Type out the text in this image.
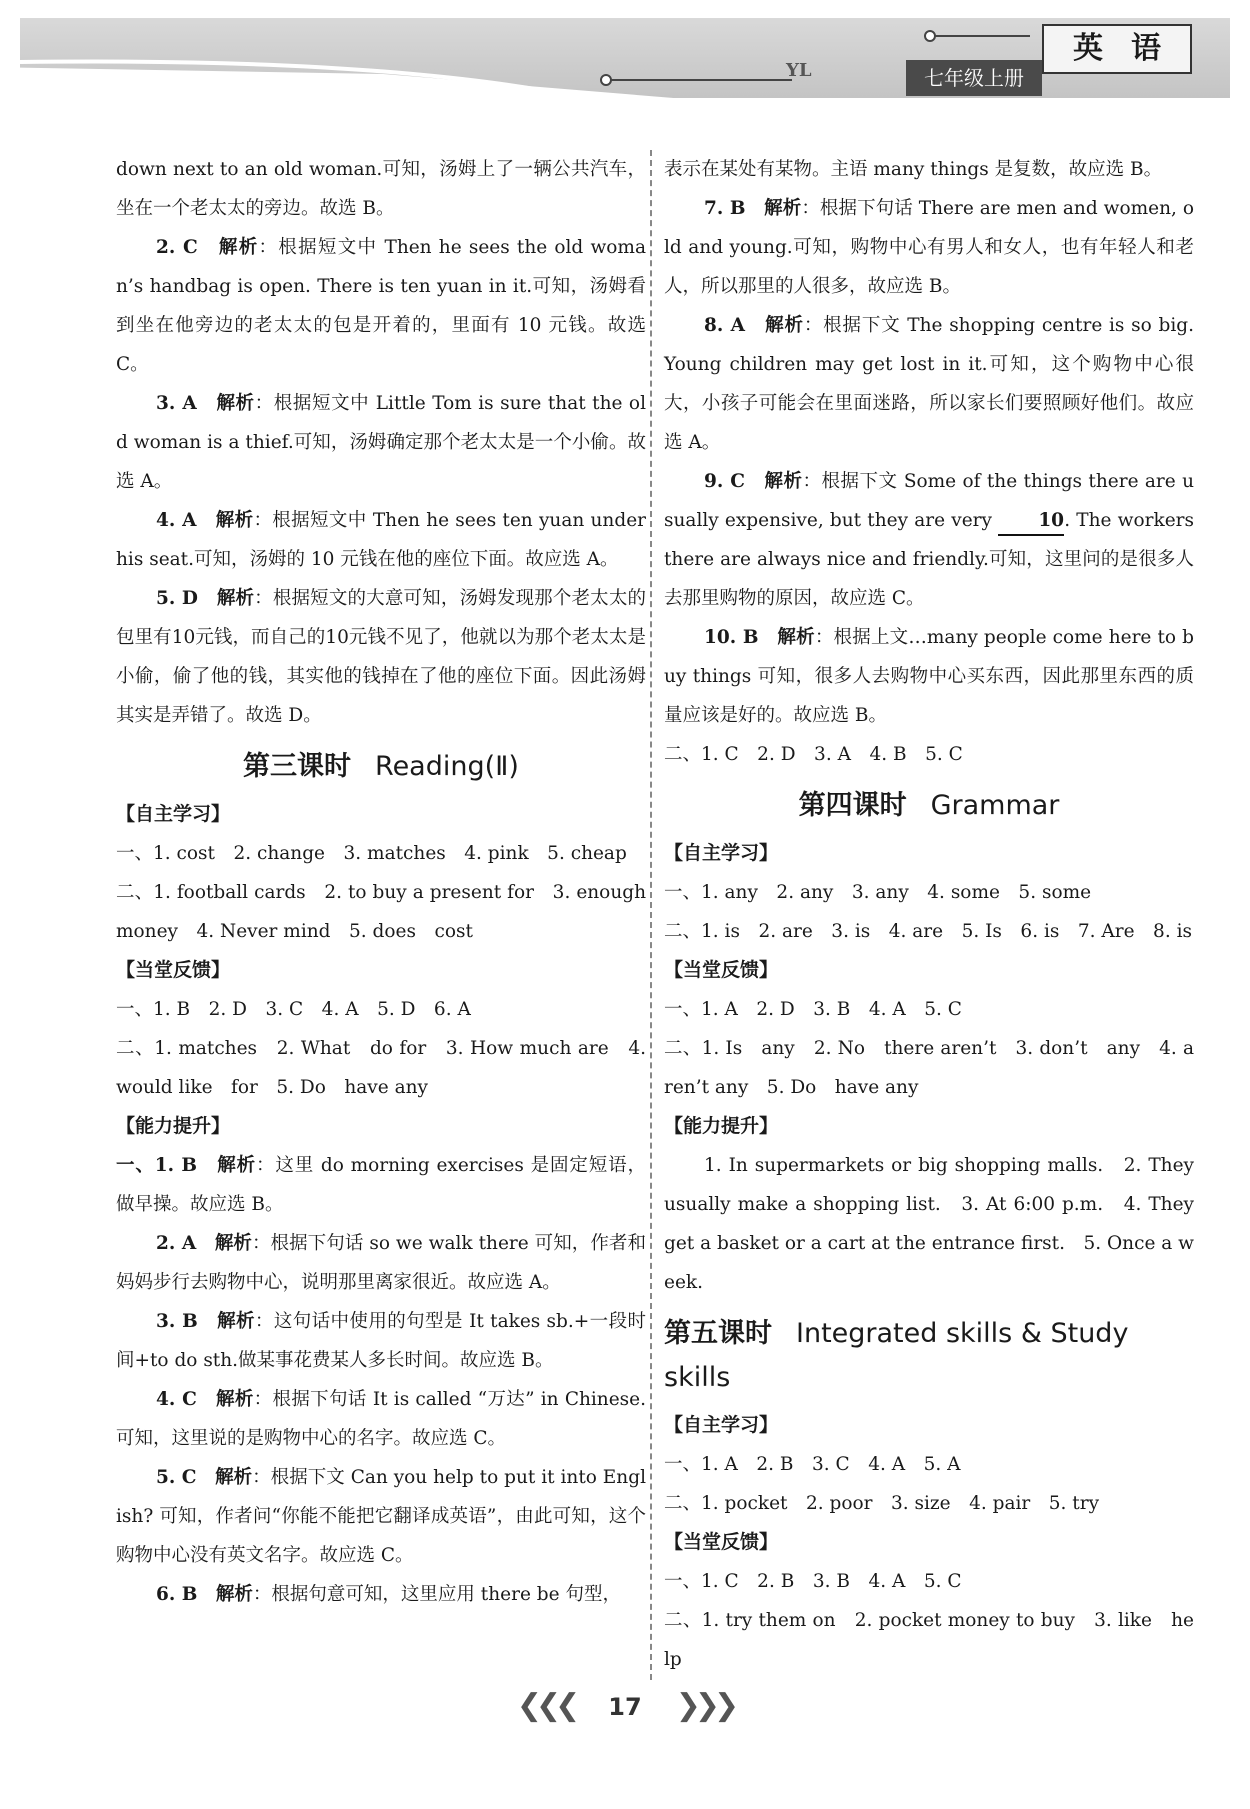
YL
英语
七年级上册

down next to an old woman.可知，汤姆上了一辆公共汽车，坐在一个老太太的旁边。故选 B。

2. C　 解析：根据短文中 Then he sees the old woman’s handbag is open. There is ten yuan in it.可知，汤姆看到坐在他旁边的老太太的包是开着的，里面有 10 元钱。故选 C。

3. A　 解析：根据短文中 Little Tom is sure that the old woman is a thief.可知，汤姆确定那个老太太是一个小偷。故选 A。

4. A　 解析：根据短文中 Then he sees ten yuan under his seat.可知，汤姆的 10 元钱在他的座位下面。故应选 A。

5. D　 解析：根据短文的大意可知，汤姆发现那个老太太的包里有10元钱，而自己的10元钱不见了，他就以为那个老太太是小偷，偷了他的钱，其实他的钱掉在了他的座位下面。因此汤姆其实是弄错了。故选 D。

第三课时 Reading(Ⅱ)

【自主学习】

一、1. cost　2. change　3. matches　4. pink　5. cheap

二、1. football cards　2. to buy a present for　3. enough money　4. Never mind　5. does　cost

【当堂反馈】

一、1. B　2. D　3. C　4. A　5. D　6. A

二、1. matches　2. What　do for　3. How much are　4. would like　for　5. Do　have any

【能力提升】

一、1. B　 解析：这里 do morning exercises 是固定短语，做早操。故应选 B。

2. A　 解析：根据下句话 so we walk there 可知，作者和妈妈步行去购物中心，说明那里离家很近。故应选 A。

3. B　 解析：这句话中使用的句型是 It takes sb.+一段时间+to do sth.做某事花费某人多长时间。故应选 B。

4. C　 解析：根据下句话 It is called “万达” in Chinese.可知，这里说的是购物中心的名字。故应选 C。

5. C　 解析：根据下文 Can you help to put it into English? 可知，作者问“你能不能把它翻译成英语”，由此可知，这个购物中心没有英文名字。故应选 C。

6. B　 解析：根据句意可知，这里应用 there be 句型，

表示在某处有某物。主语 many things 是复数，故应选 B。

7. B　 解析：根据下句话 There are men and women, old and young.可知，购物中心有男人和女人，也有年轻人和老人，所以那里的人很多，故应选 B。

8. A　 解析：根据下文 The shopping centre is so big. Young children may get lost in it.可知，这个购物中心很大，小孩子可能会在里面迷路，所以家长们要照顾好他们。故应选 A。

9. C　 解析：根据下文 Some of the things there are usually expensive, but they are very 10. The workers there are always nice and friendly.可知，这里问的是很多人去那里购物的原因，故应选 C。

10. B　 解析：根据上文…many people come here to buy things 可知，很多人去购物中心买东西，因此那里东西的质量应该是好的。故应选 B。

二、1. C　2. D　3. A　4. B　5. C

第四课时 Grammar

【自主学习】

一、1. any　2. any　3. any　4. some　5. some

二、1. is　2. are　3. is　4. are　5. Is　6. is　7. Are　8. is

【当堂反馈】

一、1. A　2. D　3. B　4. A　5. C

二、1. Is　any　2. No　there aren’t　3. don’t　any　4. aren’t any　5. Do　have any

【能力提升】

1. In supermarkets or big shopping malls.　2. They usually make a shopping list.　3. At 6:00 p.m.　4. They get a basket or a cart at the entrance first.　5. Once a week.

第五课时 Integrated skills & Study skills

【自主学习】

一、1. A　2. B　3. C　4. A　5. A

二、1. pocket　2. poor　3. size　4. pair　5. try

【当堂反馈】

一、1. C　2. B　3. B　4. A　5. C

二、1. try them on　2. pocket money to buy　3. like　help

❮❮❮ 17 ❯❯❯
